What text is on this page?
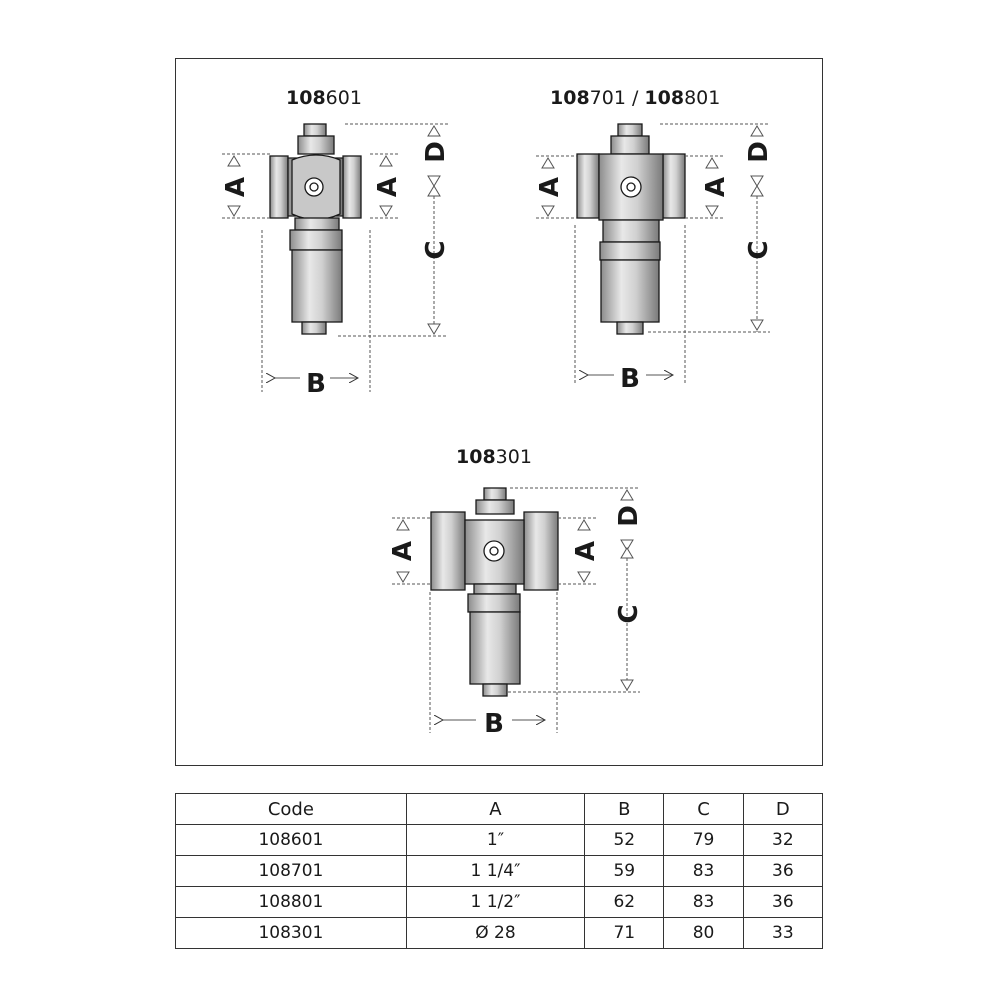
108601	108701 / 108801
108301
B
A	A
D
C
B
A	A
D
C
B
A	A
D
C
Code	A	B	C	D
108601	1″	52	79	32
108701	1 1/4″	59	83	36
108801	1 1/2″	62	83	36
108301	Ø 28	71	80	33
